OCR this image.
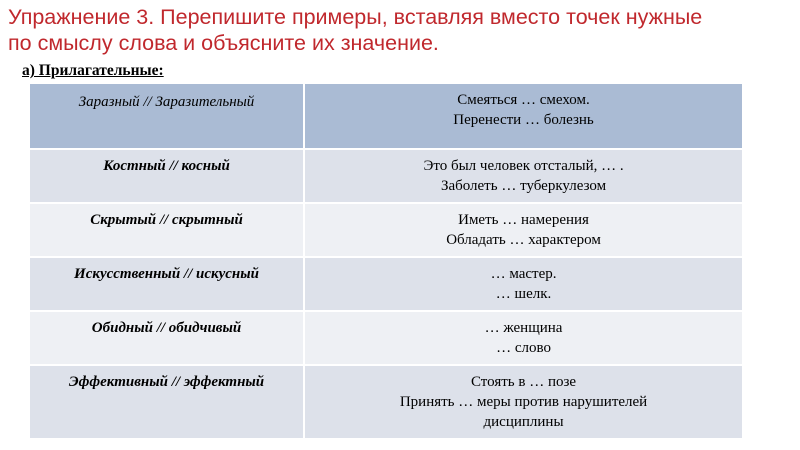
Упражнение 3. Перепишите примеры, вставляя вместо точек нужные
по смыслу слова и объясните их значение.
а) Прилагательные:
Заразный // Заразительный	Смеяться … смехом.
Перенести … болезнь

Костный // косный	Это был человек отсталый, … .
Заболеть … туберкулезом

Скрытый // скрытный	Иметь … намерения
Обладать … характером

Искусственный // искусный	… мастер.
… шелк.

Обидный // обидчивый	… женщина
… слово

Эффективный // эффектный	Стоять в … позе
Принять … меры против нарушителей
дисциплины
